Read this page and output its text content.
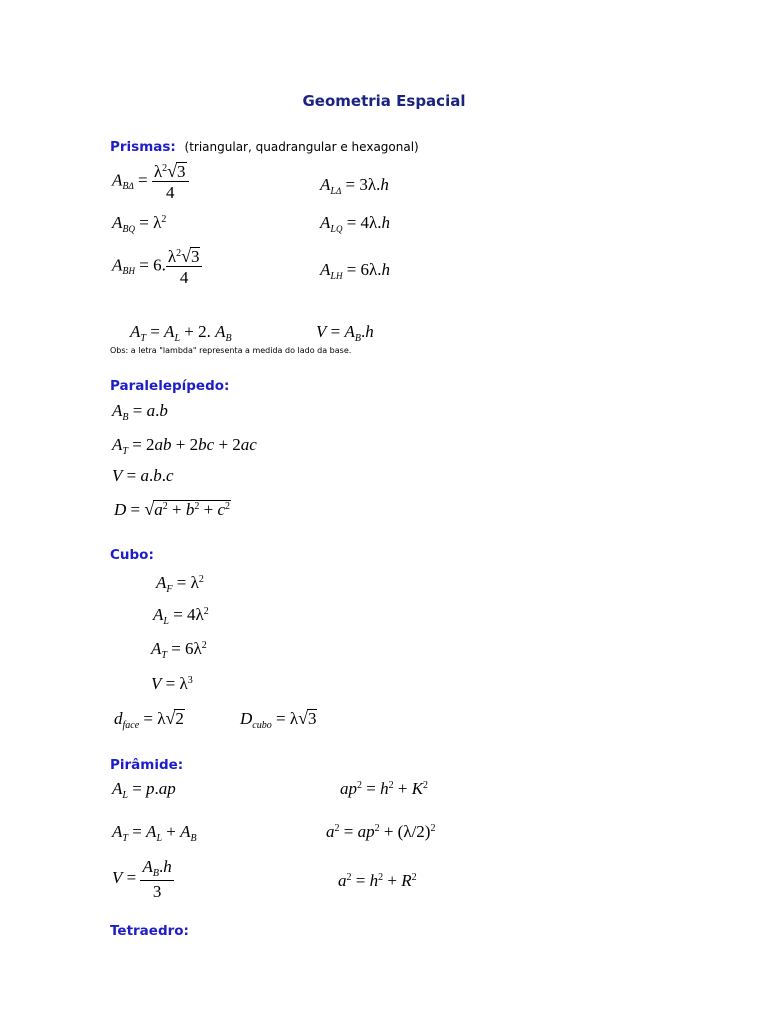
Geometria Espacial
Prismas: (triangular, quadrangular e hexagonal)
$A_{B\Delta} = \frac{\lambda^2√3}{4}$	$A_{L\Delta} = 3\lambda.h$
$A_{BQ} = \lambda^2$	$A_{LQ} = 4\lambda.h$
$A_{BH} = 6$. $\frac{\lambda^2√3}{4}$	$A_{LH} = 6\lambda.h$
$A_T = A_L + 2$. $A_B$	$V = A_B.h$
Obs: a letra "lambda" representa a medida do lado da base.
Paralelepípedo:
$A_B = a.b$
$A_T = 2ab + 2bc + 2ac$
V = a.b.c
$D = √a^2 + b^2 + c^2$
Cubo:
$A_F = \lambda^2$
$A_L = 4\lambda^2$
$A_T = 6\lambda^2$
$V = \lambda^3$
$d_{face} = \lambda√2$	$D_{cubo} = \lambda√3$
Pirâmide:
$A_L = p.ap$	$ap^2 = h^2 + K^2$
$A_T = A_L + A_B$	$a^2 = ap^2 + (\lambda/2)^2$
$V = \frac{A_B.h}{3}$	$a^2 = h^2 + R^2$
Tetraedro:
